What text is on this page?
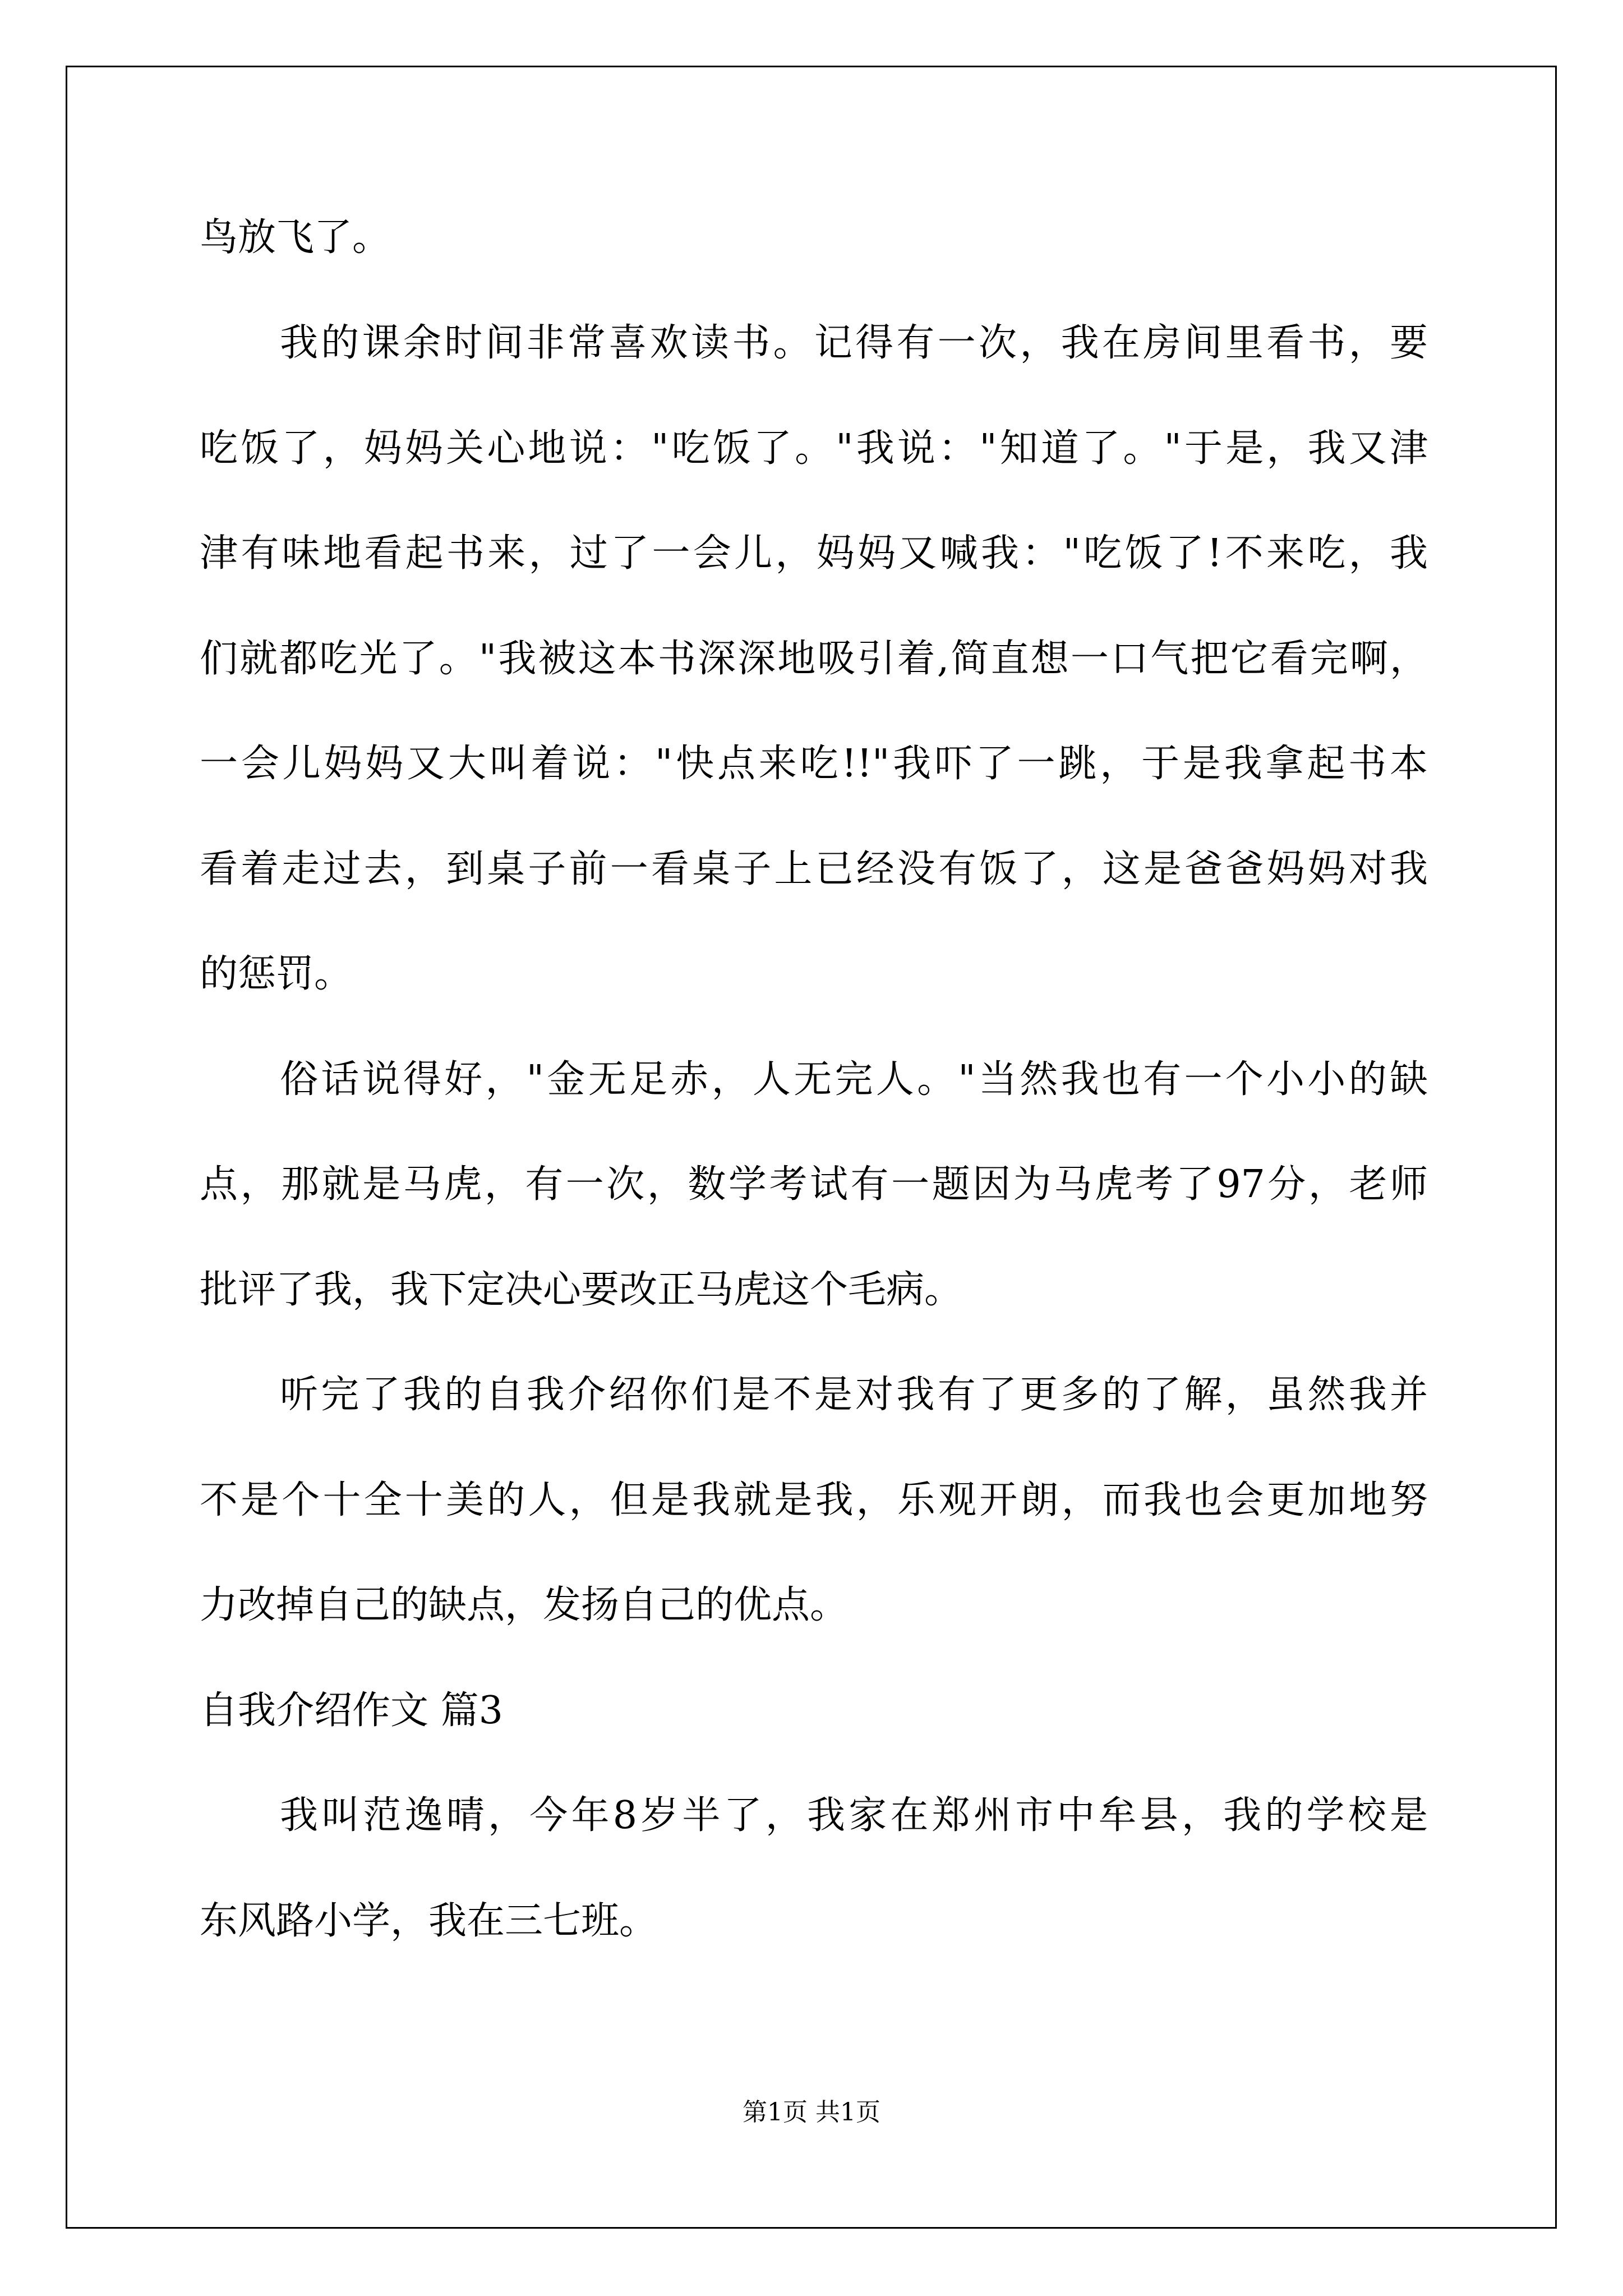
鸟放飞了。
我的课余时间非常喜欢读书。记得有一次，我在房间里看书，要
吃饭了，妈妈关心地说："吃饭了。"我说："知道了。"于是，我又津
津有味地看起书来，过了一会儿，妈妈又喊我："吃饭了!不来吃，我
们就都吃光了。"我被这本书深深地吸引着,简直想一口气把它看完啊，
一会儿妈妈又大叫着说："快点来吃!!"我吓了一跳，于是我拿起书本
看着走过去，到桌子前一看桌子上已经没有饭了，这是爸爸妈妈对我
的惩罚。
俗话说得好，"金无足赤，人无完人。"当然我也有一个小小的缺
点，那就是马虎，有一次，数学考试有一题因为马虎考了97分，老师
批评了我，我下定决心要改正马虎这个毛病。
听完了我的自我介绍你们是不是对我有了更多的了解，虽然我并
不是个十全十美的人，但是我就是我，乐观开朗，而我也会更加地努
力改掉自己的缺点，发扬自己的优点。
自我介绍作文 篇3
我叫范逸晴，今年8岁半了，我家在郑州市中牟县，我的学校是
东风路小学，我在三七班。
第1页 共1页
